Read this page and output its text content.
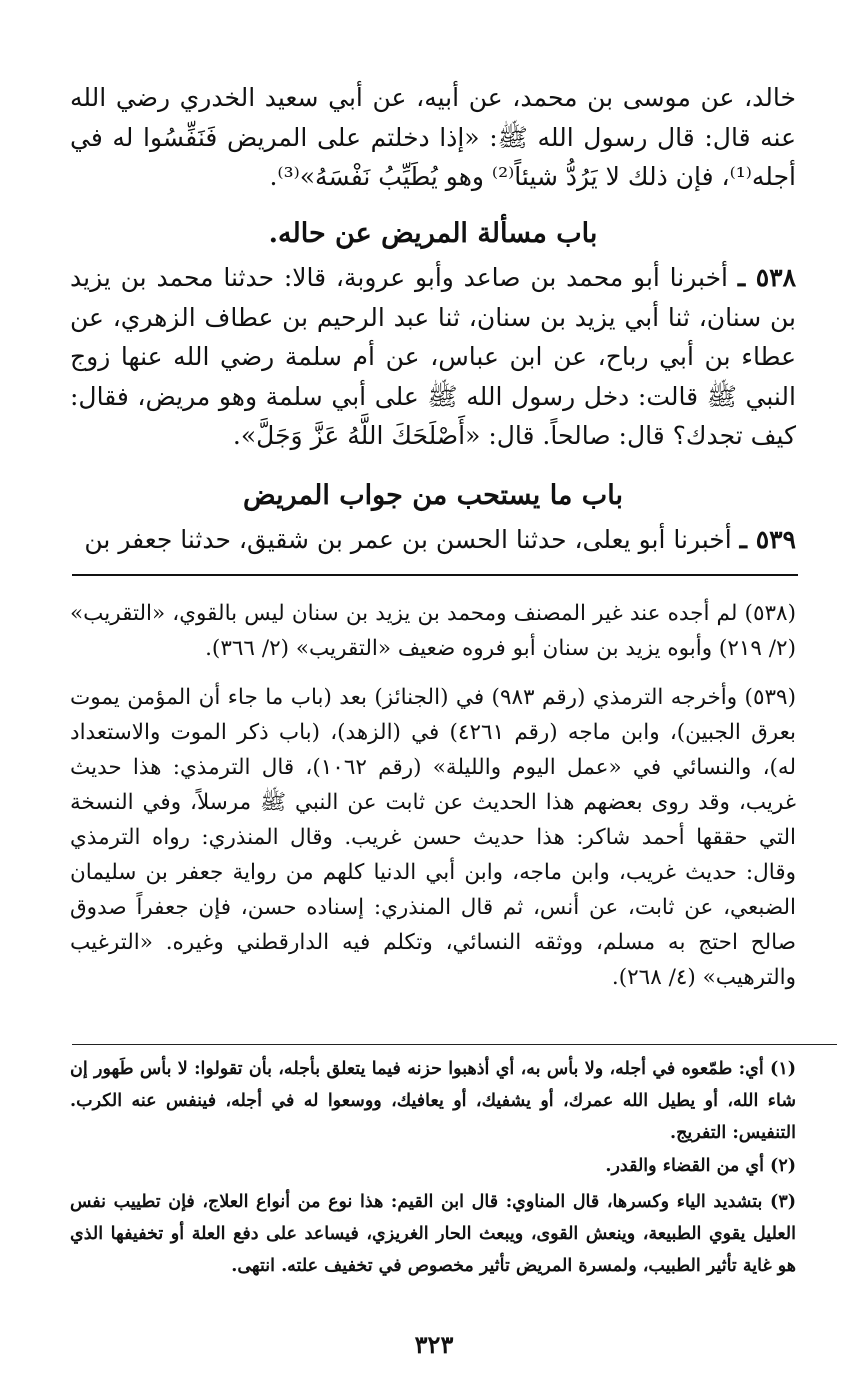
خالد، عن موسى بن محمد، عن أبيه، عن أبي سعيد الخدري رضي الله عنه قال: قال رسول الله ﷺ: «إذا دخلتم على المريض فَنَفِّسُوا له في أجله⁽¹⁾، فإن ذلك لا يَرُدُّ شيئاً⁽²⁾ وهو يُطَيِّبُ نَفْسَهُ»⁽³⁾.

باب مسألة المريض عن حاله.

٥٣٨ ـ أخبرنا أبو محمد بن صاعد وأبو عروبة، قالا: حدثنا محمد بن يزيد بن سنان، ثنا أبي يزيد بن سنان، ثنا عبد الرحيم بن عطاف الزهري، عن عطاء بن أبي رباح، عن ابن عباس، عن أم سلمة رضي الله عنها زوج النبي ﷺ قالت: دخل رسول الله ﷺ على أبي سلمة وهو مريض، فقال: كيف تجدك؟ قال: صالحاً. قال: «أَصْلَحَكَ اللَّهُ عَزَّ وَجَلَّ».

باب ما يستحب من جواب المريض

٥٣٩ ـ أخبرنا أبو يعلى، حدثنا الحسن بن عمر بن شقيق، حدثنا جعفر بن

(٥٣٨) لم أجده عند غير المصنف ومحمد بن يزيد بن سنان ليس بالقوي، «التقريب» (٢/ ٢١٩) وأبوه يزيد بن سنان أبو فروه ضعيف «التقريب» (٢/ ٣٦٦).

(٥٣٩) وأخرجه الترمذي (رقم ٩٨٣) في (الجنائز) بعد (باب ما جاء أن المؤمن يموت بعرق الجبين)، وابن ماجه (رقم ٤٢٦١) في (الزهد)، (باب ذكر الموت والاستعداد له)، والنسائي في «عمل اليوم والليلة» (رقم ١٠٦٢)، قال الترمذي: هذا حديث غريب، وقد روى بعضهم هذا الحديث عن ثابت عن النبي ﷺ مرسلاً، وفي النسخة التي حققها أحمد شاكر: هذا حديث حسن غريب. وقال المنذري: رواه الترمذي وقال: حديث غريب، وابن ماجه، وابن أبي الدنيا كلهم من رواية جعفر بن سليمان الضبعي، عن ثابت، عن أنس، ثم قال المنذري: إسناده حسن، فإن جعفراً صدوق صالح احتج به مسلم، ووثقه النسائي، وتكلم فيه الدارقطني وغيره. «الترغيب والترهيب» (٤/ ٢٦٨).

(١) أي: طمّعوه في أجله، ولا بأس به، أي أذهبوا حزنه فيما يتعلق بأجله، بأن تقولوا: لا بأس طَهور إن شاء الله، أو يطيل الله عمرك، أو يشفيك، أو يعافيك، ووسعوا له في أجله، فينفس عنه الكرب. التنفيس: التفريج.

(٢) أي من القضاء والقدر.

(٣) بتشديد الياء وكسرها، قال المناوي: قال ابن القيم: هذا نوع من أنواع العلاج، فإن تطييب نفس العليل يقوي الطبيعة، وينعش القوى، ويبعث الحار الغريزي، فيساعد على دفع العلة أو تخفيفها الذي هو غاية تأثير الطبيب، ولمسرة المريض تأثير مخصوص في تخفيف علته. انتهى.

٣٢٣
